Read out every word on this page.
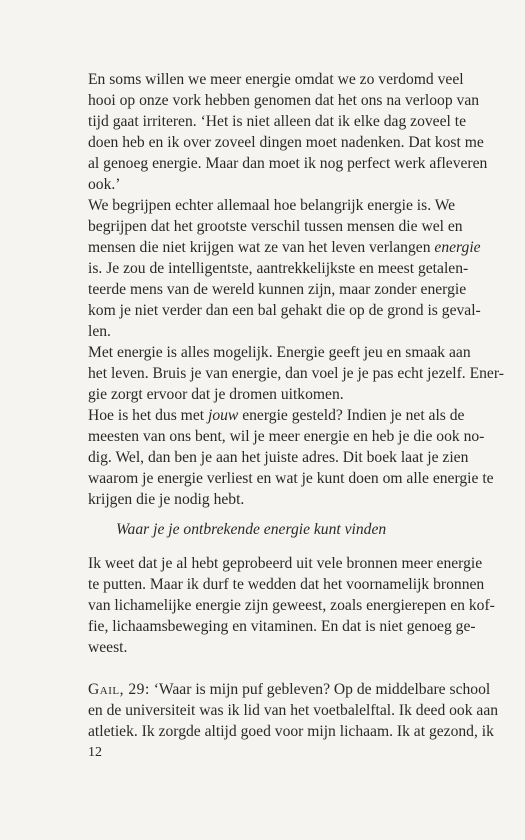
En soms willen we meer energie omdat we zo verdomd veel
hooi op onze vork hebben genomen dat het ons na verloop van
tijd gaat irriteren. ‘Het is niet alleen dat ik elke dag zoveel te
doen heb en ik over zoveel dingen moet nadenken. Dat kost me
al genoeg energie. Maar dan moet ik nog perfect werk afleveren
ook.’
We begrijpen echter allemaal hoe belangrijk energie is. We
begrijpen dat het grootste verschil tussen mensen die wel en
mensen die niet krijgen wat ze van het leven verlangen energie
is. Je zou de intelligentste, aantrekkelijkste en meest getalen-
teerde mens van de wereld kunnen zijn, maar zonder energie
kom je niet verder dan een bal gehakt die op de grond is geval-
len.
Met energie is alles mogelijk. Energie geeft jeu en smaak aan
het leven. Bruis je van energie, dan voel je je pas echt jezelf. Ener-
gie zorgt ervoor dat je dromen uitkomen.
Hoe is het dus met jouw energie gesteld? Indien je net als de
meesten van ons bent, wil je meer energie en heb je die ook no-
dig. Wel, dan ben je aan het juiste adres. Dit boek laat je zien
waarom je energie verliest en wat je kunt doen om alle energie te
krijgen die je nodig hebt.
Waar je je ontbrekende energie kunt vinden
Ik weet dat je al hebt geprobeerd uit vele bronnen meer energie
te putten. Maar ik durf te wedden dat het voornamelijk bronnen
van lichamelijke energie zijn geweest, zoals energierepen en kof-
fie, lichaamsbeweging en vitaminen. En dat is niet genoeg ge-
weest.
Gail, 29: ‘Waar is mijn puf gebleven? Op de middelbare school
en de universiteit was ik lid van het voetbalelftal. Ik deed ook aan
atletiek. Ik zorgde altijd goed voor mijn lichaam. Ik at gezond, ik
12
